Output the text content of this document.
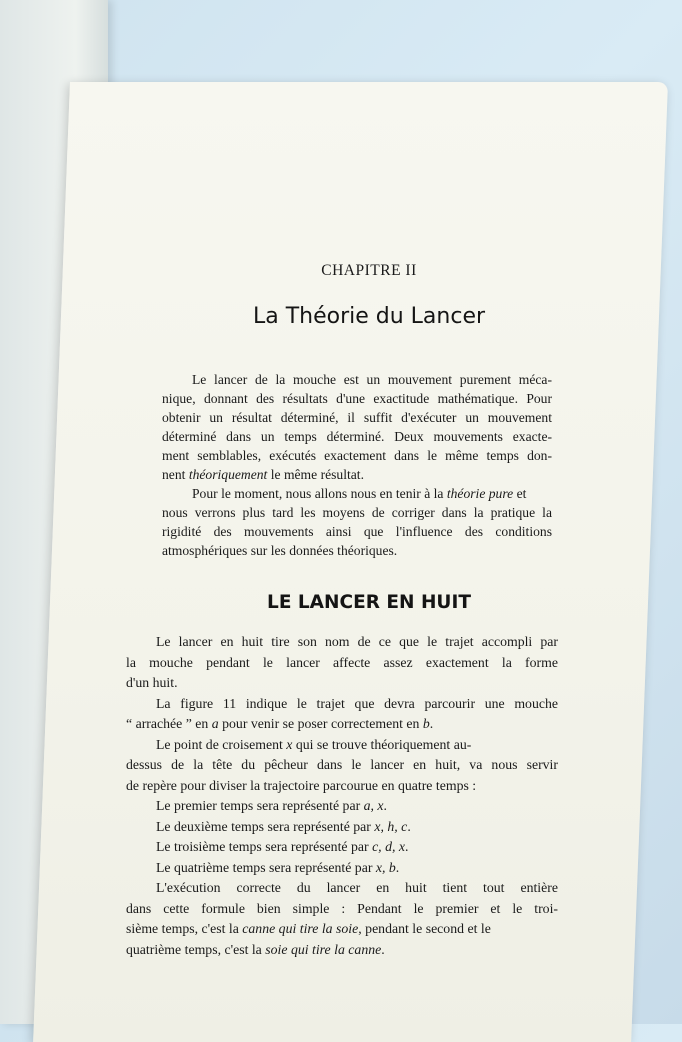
CHAPITRE II
La Théorie du Lancer
Le lancer de la mouche est un mouvement purement méca-
nique, donnant des résultats d'une exactitude mathématique. Pour
obtenir un résultat déterminé, il suffit d'exécuter un mouvement
déterminé dans un temps déterminé. Deux mouvements exacte-
ment semblables, exécutés exactement dans le même temps don-
nent théoriquement le même résultat.
Pour le moment, nous allons nous en tenir à la théorie pure et
nous verrons plus tard les moyens de corriger dans la pratique la
rigidité des mouvements ainsi que l'influence des conditions
atmosphériques sur les données théoriques.
LE LANCER EN HUIT
Le lancer en huit tire son nom de ce que le trajet accompli par
la mouche pendant le lancer affecte assez exactement la forme
d'un huit.
La figure 11 indique le trajet que devra parcourir une mouche
“ arrachée ” en a pour venir se poser correctement en b.
Le point de croisement x qui se trouve théoriquement au-
dessus de la tête du pêcheur dans le lancer en huit, va nous servir
de repère pour diviser la trajectoire parcourue en quatre temps :
Le premier temps sera représenté par a, x.
Le deuxième temps sera représenté par x, h, c.
Le troisième temps sera représenté par c, d, x.
Le quatrième temps sera représenté par x, b.
L'exécution correcte du lancer en huit tient tout entière
dans cette formule bien simple : Pendant le premier et le troi-
sième temps, c'est la canne qui tire la soie, pendant le second et le
quatrième temps, c'est la soie qui tire la canne.
